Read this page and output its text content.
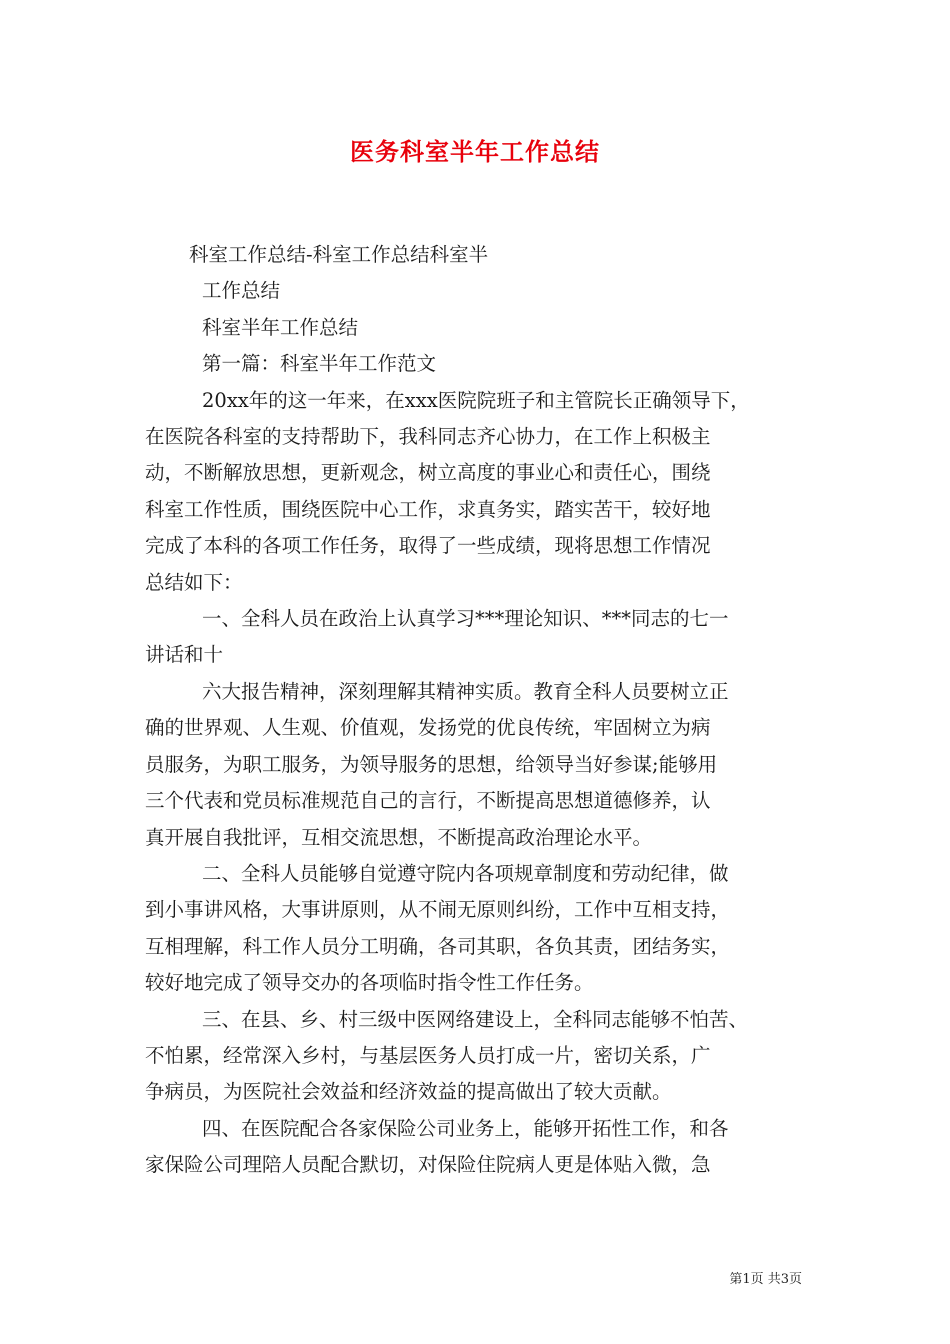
医务科室半年工作总结
科室工作总结-科室工作总结科室半
工作总结
科室半年工作总结
第一篇：科室半年工作范文
20xx年的这一年来，在xxx医院院班子和主管院长正确领导下，
在医院各科室的支持帮助下，我科同志齐心协力，在工作上积极主
动，不断解放思想，更新观念，树立高度的事业心和责任心，围绕
科室工作性质，围绕医院中心工作，求真务实，踏实苦干，较好地
完成了本科的各项工作任务，取得了一些成绩，现将思想工作情况
总结如下：
一、全科人员在政治上认真学习***理论知识、***同志的七一
讲话和十
六大报告精神，深刻理解其精神实质。教育全科人员要树立正
确的世界观、人生观、价值观，发扬党的优良传统，牢固树立为病
员服务，为职工服务，为领导服务的思想，给领导当好参谋;能够用
三个代表和党员标准规范自己的言行，不断提高思想道德修养，认
真开展自我批评，互相交流思想，不断提高政治理论水平。
二、全科人员能够自觉遵守院内各项规章制度和劳动纪律，做
到小事讲风格，大事讲原则，从不闹无原则纠纷，工作中互相支持，
互相理解，科工作人员分工明确，各司其职，各负其责，团结务实，
较好地完成了领导交办的各项临时指令性工作任务。
三、在县、乡、村三级中医网络建设上，全科同志能够不怕苦、
不怕累，经常深入乡村，与基层医务人员打成一片，密切关系，广
争病员，为医院社会效益和经济效益的提高做出了较大贡献。
四、在医院配合各家保险公司业务上，能够开拓性工作，和各
家保险公司理陪人员配合默切，对保险住院病人更是体贴入微，急
第1页 共3页
